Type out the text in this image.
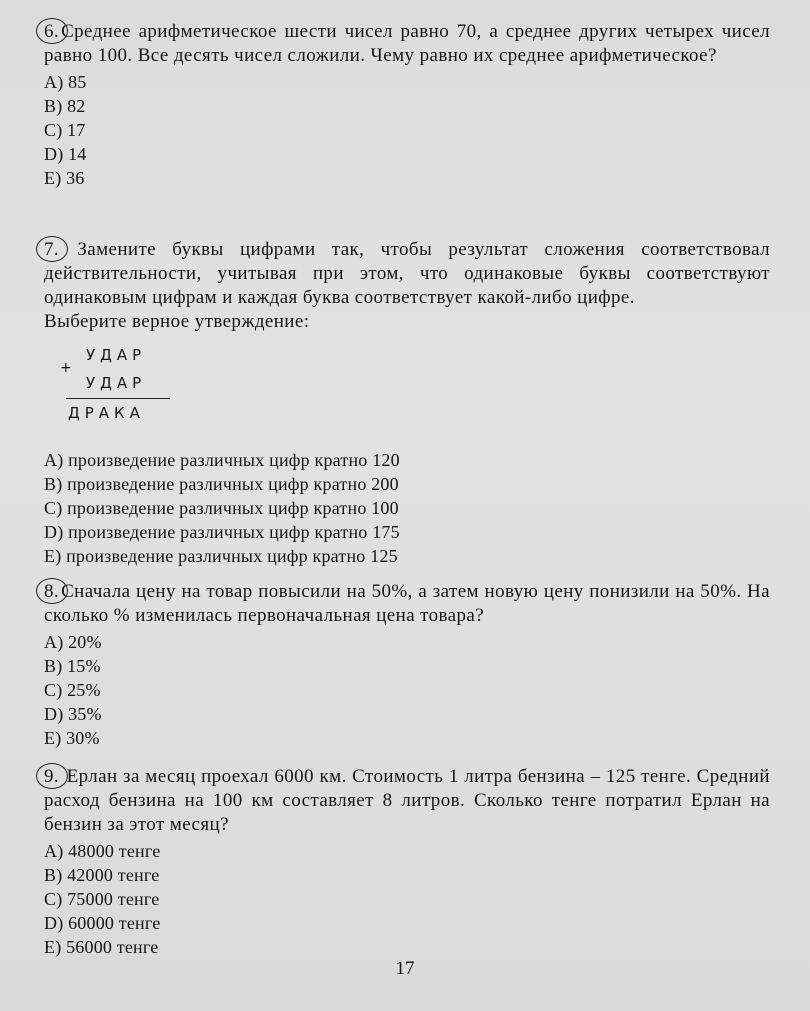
6. Среднее арифметическое шести чисел равно 70, а среднее других четырех чисел равно 100. Все десять чисел сложили. Чему равно их среднее арифметическое?

A) 85
B) 82
C) 17
D) 14
E) 36

7. Замените буквы цифрами так, чтобы результат сложения соответствовал действительности, учитывая при этом, что одинаковые буквы соответствуют одинаковым цифрам и каждая буква соответствует какой-либо цифре.

Выберите верное утверждение:

+
УДАР
УДАР
ДРАКА
A) произведение различных цифр кратно 120
B) произведение различных цифр кратно 200
C) произведение различных цифр кратно 100
D) произведение различных цифр кратно 175
E) произведение различных цифр кратно 125

8. Сначала цену на товар повысили на 50%, а затем новую цену понизили на 50%. На сколько % изменилась первоначальная цена товара?

A) 20%
B) 15%
C) 25%
D) 35%
E) 30%

9. Ерлан за месяц проехал 6000 км. Стоимость 1 литра бензина – 125 тенге. Средний расход бензина на 100 км составляет 8 литров. Сколько тенге потратил Ерлан на бензин за этот месяц?

A) 48000 тенге
B) 42000 тенге
C) 75000 тенге
D) 60000 тенге
E) 56000 тенге
17
